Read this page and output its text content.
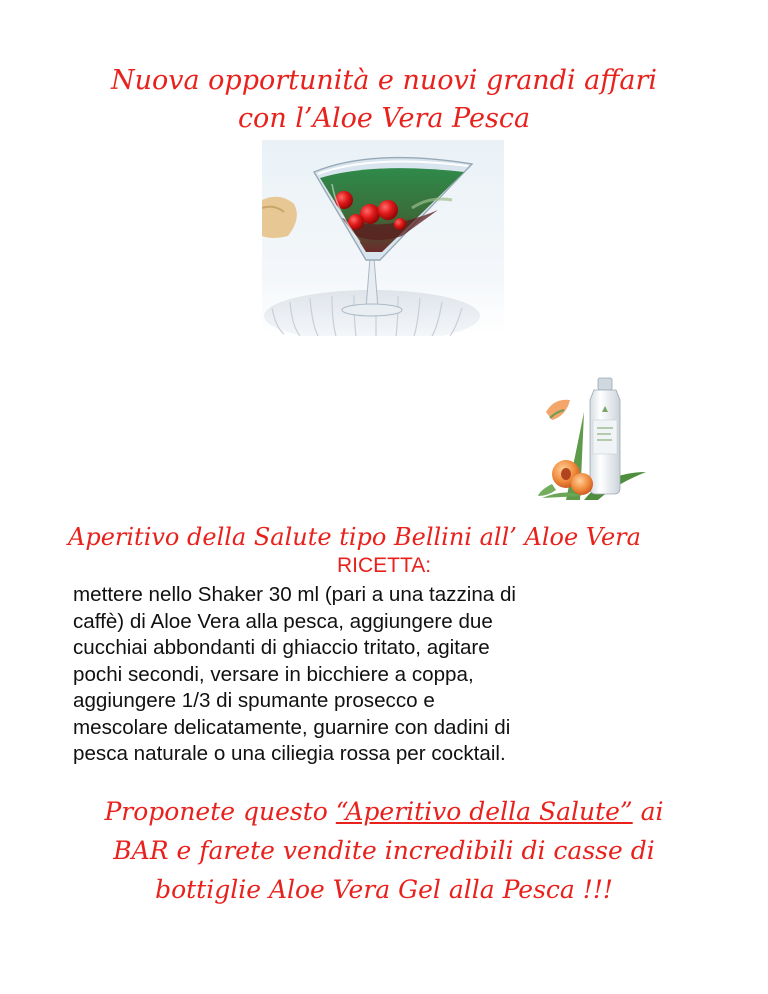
Nuova opportunità e nuovi grandi affari
con l’Aloe Vera Pesca
Aperitivo della Salute tipo Bellini all’ Aloe Vera
RICETTA:
mettere nello Shaker 30 ml (pari a una tazzina di
caffè) di Aloe Vera alla pesca, aggiungere due
cucchiai abbondanti di ghiaccio tritato, agitare
pochi secondi, versare in bicchiere a coppa,
aggiungere 1/3 di spumante prosecco e
mescolare delicatamente, guarnire con dadini di
pesca naturale o una ciliegia rossa per cocktail.
Proponete questo “Aperitivo della Salute” ai
BAR e farete vendite incredibili di casse di
bottiglie Aloe Vera Gel alla Pesca !!!
